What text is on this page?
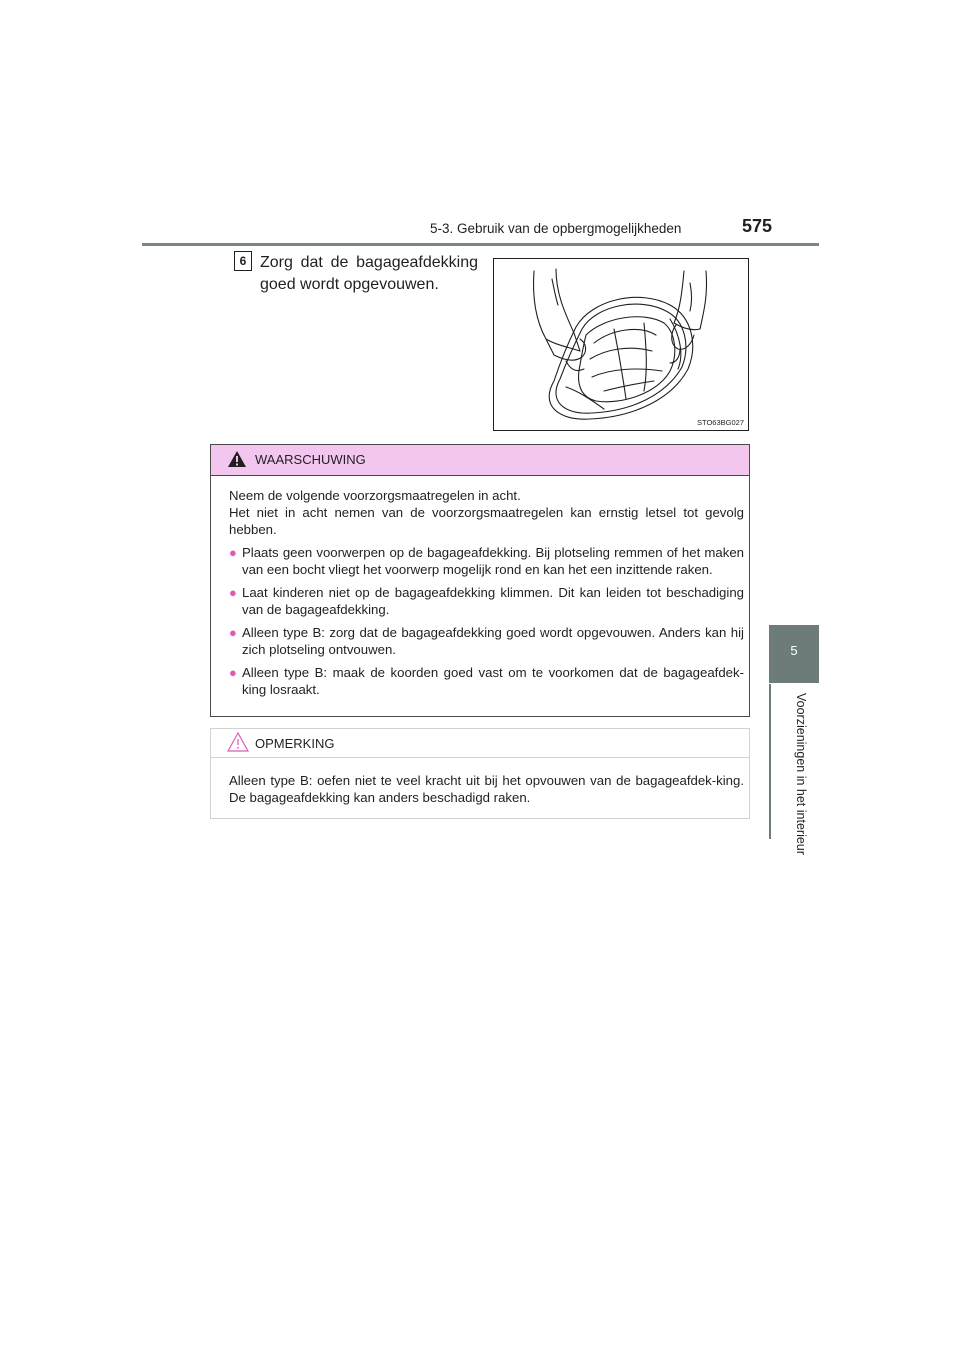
5-3. Gebruik van de opbergmogelijkheden	575
5
Voorzieningen in het interieur
6 Zorg dat de bagageafdekking goed wordt opgevouwen.
STO63BG027
WAARSCHUWING

Neem de volgende voorzorgsmaatregelen in acht.
Het niet in acht nemen van de voorzorgsmaatregelen kan ernstig letsel tot gevolg hebben.

● Plaats geen voorwerpen op de bagageafdekking. Bij plotseling remmen of het maken van een bocht vliegt het voorwerp mogelijk rond en kan het een inzittende raken.
● Laat kinderen niet op de bagageafdekking klimmen. Dit kan leiden tot beschadiging van de bagageafdekking.
● Alleen type B: zorg dat de bagageafdekking goed wordt opgevouwen. Anders kan hij zich plotseling ontvouwen.
● Alleen type B: maak de koorden goed vast om te voorkomen dat de bagageafdek-king losraakt.
OPMERKING
Alleen type B: oefen niet te veel kracht uit bij het opvouwen van de bagageafdek-king. De bagageafdekking kan anders beschadigd raken.
